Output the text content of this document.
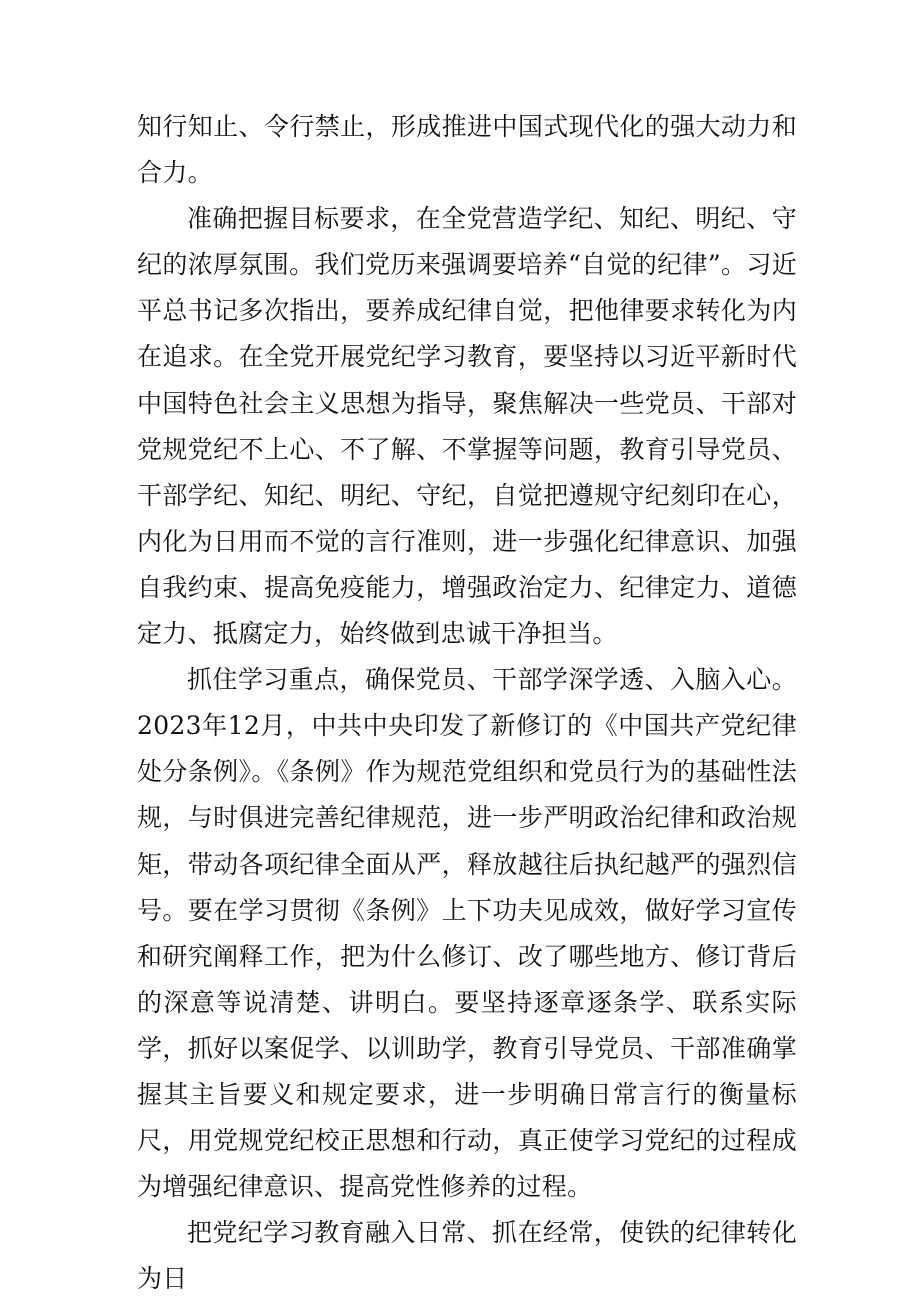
知行知止、令行禁止，形成推进中国式现代化的强大动力和合力。

准确把握目标要求，在全党营造学纪、知纪、明纪、守纪的浓厚氛围。我们党历来强调要培养“自觉的纪律”。习近平总书记多次指出，要养成纪律自觉，把他律要求转化为内在追求。在全党开展党纪学习教育，要坚持以习近平新时代中国特色社会主义思想为指导，聚焦解决一些党员、干部对党规党纪不上心、不了解、不掌握等问题，教育引导党员、干部学纪、知纪、明纪、守纪，自觉把遵规守纪刻印在心，内化为日用而不觉的言行准则，进一步强化纪律意识、加强自我约束、提高免疫能力，增强政治定力、纪律定力、道德定力、抵腐定力，始终做到忠诚干净担当。

抓住学习重点，确保党员、干部学深学透、入脑入心。2023年12月，中共中央印发了新修订的《中国共产党纪律处分条例》。《条例》作为规范党组织和党员行为的基础性法规，与时俱进完善纪律规范，进一步严明政治纪律和政治规矩，带动各项纪律全面从严，释放越往后执纪越严的强烈信号。要在学习贯彻《条例》上下功夫见成效，做好学习宣传和研究阐释工作，把为什么修订、改了哪些地方、修订背后的深意等说清楚、讲明白。要坚持逐章逐条学、联系实际学，抓好以案促学、以训助学，教育引导党员、干部准确掌握其主旨要义和规定要求，进一步明确日常言行的衡量标尺，用党规党纪校正思想和行动，真正使学习党纪的过程成为增强纪律意识、提高党性修养的过程。

把党纪学习教育融入日常、抓在经常，使铁的纪律转化为日
